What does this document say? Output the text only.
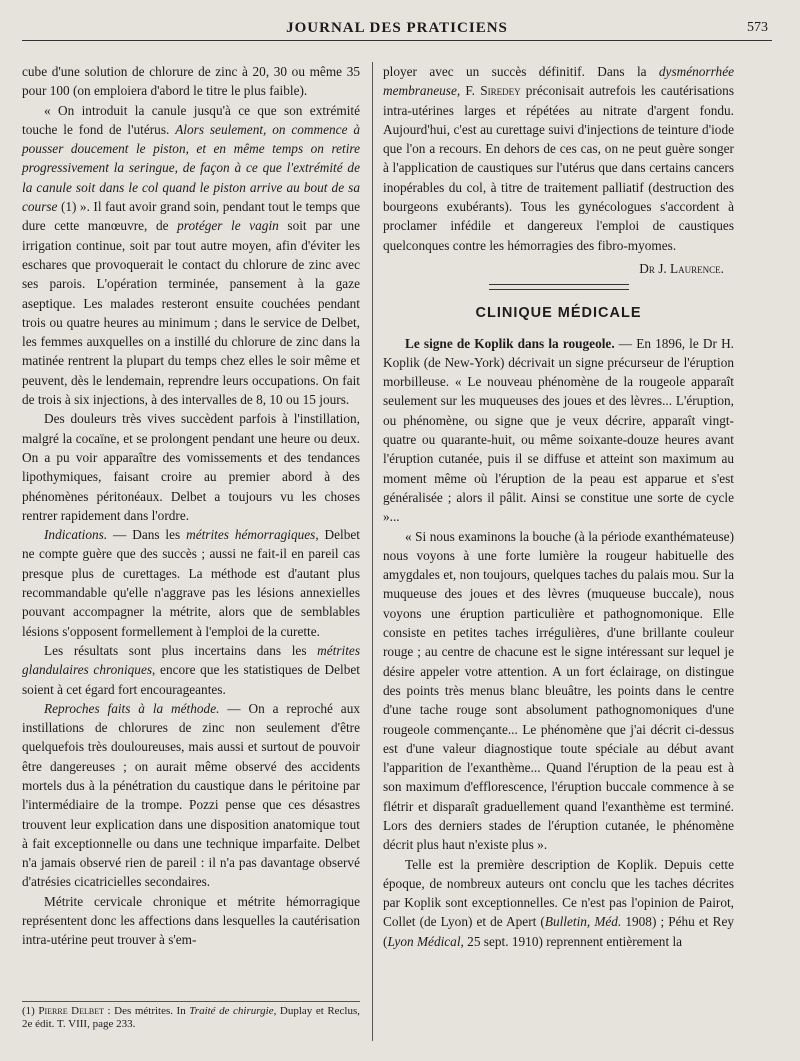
JOURNAL DES PRATICIENS	573

cube d'une solution de chlorure de zinc à 20, 30 ou même 35 pour 100 (on emploiera d'abord le titre le plus faible).

« On introduit la canule jusqu'à ce que son extrémité touche le fond de l'utérus. Alors seulement, on commence à pousser doucement le piston, et en même temps on retire progressivement la seringue, de façon à ce que l'extrémité de la canule soit dans le col quand le piston arrive au bout de sa course (1) ». Il faut avoir grand soin, pendant tout le temps que dure cette manœuvre, de protéger le vagin soit par une irrigation continue, soit par tout autre moyen, afin d'éviter les eschares que provoquerait le contact du chlorure de zinc avec ses parois. L'opération terminée, pansement à la gaze aseptique. Les malades resteront ensuite couchées pendant trois ou quatre heures au minimum ; dans le service de Delbet, les femmes auxquelles on a instillé du chlorure de zinc dans la matinée rentrent la plupart du temps chez elles le soir même et peuvent, dès le lendemain, reprendre leurs occupations. On fait de trois à six injections, à des intervalles de 8, 10 ou 15 jours.

Des douleurs très vives succèdent parfois à l'instillation, malgré la cocaïne, et se prolongent pendant une heure ou deux. On a pu voir apparaître des vomissements et des tendances lipothymiques, faisant croire au premier abord à des phénomènes péritonéaux. Delbet a toujours vu les choses rentrer rapidement dans l'ordre.

Indications. — Dans les métrites hémorragiques, Delbet ne compte guère que des succès ; aussi ne fait-il en pareil cas presque plus de curettages. La méthode est d'autant plus recommandable qu'elle n'aggrave pas les lésions annexielles pouvant accompagner la métrite, alors que de semblables lésions s'opposent formellement à l'emploi de la curette.

Les résultats sont plus incertains dans les métrites glandulaires chroniques, encore que les statistiques de Delbet soient à cet égard fort encourageantes.

Reproches faits à la méthode. — On a reproché aux instillations de chlorures de zinc non seulement d'être quelquefois très douloureuses, mais aussi et surtout de pouvoir être dangereuses ; on aurait même observé des accidents mortels dus à la pénétration du caustique dans le péritoine par l'intermédiaire de la trompe. Pozzi pense que ces désastres trouvent leur explication dans une disposition anatomique tout à fait exceptionnelle ou dans une technique imparfaite. Delbet n'a jamais observé rien de pareil : il n'a pas davantage observé d'atrésies cicatricielles secondaires.

Métrite cervicale chronique et métrite hémorragique représentent donc les affections dans lesquelles la cautérisation intra-utérine peut trouver à s'em-

(1) Pierre Delbet : Des métrites. In Traité de chirurgie, Duplay et Reclus, 2e édit. T. VIII, page 233.

ployer avec un succès définitif. Dans la dysménorrhée membraneuse, F. Siredey préconisait autrefois les cautérisations intra-utérines larges et répétées au nitrate d'argent fondu. Aujourd'hui, c'est au curettage suivi d'injections de teinture d'iode que l'on a recours. En dehors de ces cas, on ne peut guère songer à l'application de caustiques sur l'utérus que dans certains cancers inopérables du col, à titre de traitement palliatif (destruction des bourgeons exubérants). Tous les gynécologues s'accordent à proclamer infédile et dangereux l'emploi de caustiques quelconques contre les hémorragies des fibro-myomes.

Dr J. Laurence.

CLINIQUE MÉDICALE

Le signe de Koplik dans la rougeole. — En 1896, le Dr H. Koplik (de New-York) décrivait un signe précurseur de l'éruption morbilleuse. « Le nouveau phénomène de la rougeole apparaît seulement sur les muqueuses des joues et des lèvres... L'éruption, ou phénomène, ou signe que je veux décrire, apparaît vingt-quatre ou quarante-huit, ou même soixante-douze heures avant l'éruption cutanée, puis il se diffuse et atteint son maximum au moment même où l'éruption de la peau est apparue et s'est généralisée ; alors il pâlit. Ainsi se constitue une sorte de cycle »...

« Si nous examinons la bouche (à la période exanthémateuse) nous voyons à une forte lumière la rougeur habituelle des amygdales et, non toujours, quelques taches du palais mou. Sur la muqueuse des joues et des lèvres (muqueuse buccale), nous voyons une éruption particulière et pathognomonique. Elle consiste en petites taches irrégulières, d'une brillante couleur rouge ; au centre de chacune est le signe intéressant sur lequel je désire appeler votre attention. A un fort éclairage, on distingue des points très menus blanc bleuâtre, les points dans le centre d'une tache rouge sont absolument pathognomoniques d'une rougeole commençante... Le phénomène que j'ai décrit ci-dessus est d'une valeur diagnostique toute spéciale au début avant l'apparition de l'exanthème... Quand l'éruption de la peau est à son maximum d'efflorescence, l'éruption buccale commence à se flétrir et disparaît graduellement quand l'exanthème est terminé. Lors des derniers stades de l'éruption cutanée, le phénomène décrit plus haut n'existe plus ».

Telle est la première description de Koplik. Depuis cette époque, de nombreux auteurs ont conclu que les taches décrites par Koplik sont exceptionnelles. Ce n'est pas l'opinion de Pairot, Collet (de Lyon) et de Apert (Bulletin, Méd. 1908) ; Péhu et Rey (Lyon Médical, 25 sept. 1910) reprennent entièrement la
